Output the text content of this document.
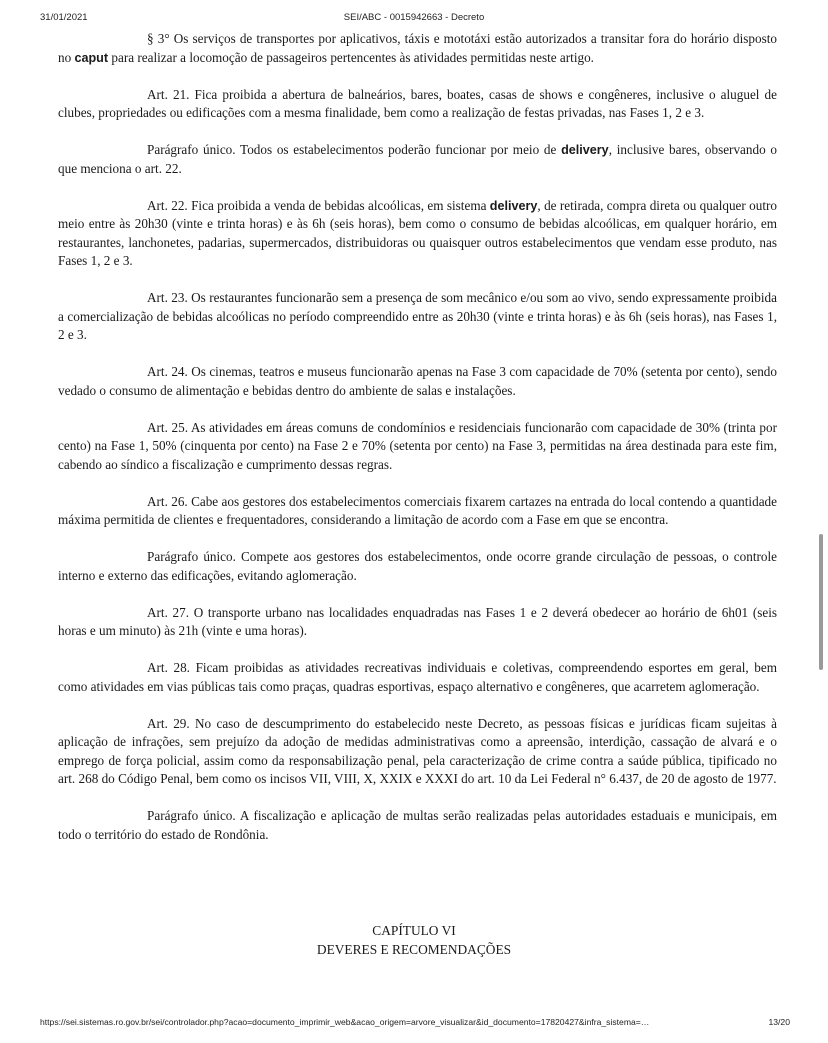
31/01/2021	SEI/ABC - 0015942663 - Decreto

§ 3° Os serviços de transportes por aplicativos, táxis e mototáxi estão autorizados a transitar fora do horário disposto no caput para realizar a locomoção de passageiros pertencentes às atividades permitidas neste artigo.

Art. 21. Fica proibida a abertura de balneários, bares, boates, casas de shows e congêneres, inclusive o aluguel de clubes, propriedades ou edificações com a mesma finalidade, bem como a realização de festas privadas, nas Fases 1, 2 e 3.

Parágrafo único. Todos os estabelecimentos poderão funcionar por meio de delivery, inclusive bares, observando o que menciona o art. 22.

Art. 22. Fica proibida a venda de bebidas alcoólicas, em sistema delivery, de retirada, compra direta ou qualquer outro meio entre às 20h30 (vinte e trinta horas) e às 6h (seis horas), bem como o consumo de bebidas alcoólicas, em qualquer horário, em restaurantes, lanchonetes, padarias, supermercados, distribuidoras ou quaisquer outros estabelecimentos que vendam esse produto, nas Fases 1, 2 e 3.

Art. 23. Os restaurantes funcionarão sem a presença de som mecânico e/ou som ao vivo, sendo expressamente proibida a comercialização de bebidas alcoólicas no período compreendido entre as 20h30 (vinte e trinta horas) e às 6h (seis horas), nas Fases 1, 2 e 3.

Art. 24. Os cinemas, teatros e museus funcionarão apenas na Fase 3 com capacidade de 70% (setenta por cento), sendo vedado o consumo de alimentação e bebidas dentro do ambiente de salas e instalações.

Art. 25. As atividades em áreas comuns de condomínios e residenciais funcionarão com capacidade de 30% (trinta por cento) na Fase 1, 50% (cinquenta por cento) na Fase 2 e 70% (setenta por cento) na Fase 3, permitidas na área destinada para este fim, cabendo ao síndico a fiscalização e cumprimento dessas regras.

Art. 26. Cabe aos gestores dos estabelecimentos comerciais fixarem cartazes na entrada do local contendo a quantidade máxima permitida de clientes e frequentadores, considerando a limitação de acordo com a Fase em que se encontra.

Parágrafo único. Compete aos gestores dos estabelecimentos, onde ocorre grande circulação de pessoas, o controle interno e externo das edificações, evitando aglomeração.

Art. 27. O transporte urbano nas localidades enquadradas nas Fases 1 e 2 deverá obedecer ao horário de 6h01 (seis horas e um minuto) às 21h (vinte e uma horas).

Art. 28. Ficam proibidas as atividades recreativas individuais e coletivas, compreendendo esportes em geral, bem como atividades em vias públicas tais como praças, quadras esportivas, espaço alternativo e congêneres, que acarretem aglomeração.

Art. 29. No caso de descumprimento do estabelecido neste Decreto, as pessoas físicas e jurídicas ficam sujeitas à aplicação de infrações, sem prejuízo da adoção de medidas administrativas como a apreensão, interdição, cassação de alvará e o emprego de força policial, assim como da responsabilização penal, pela caracterização de crime contra a saúde pública, tipificado no art. 268 do Código Penal, bem como os incisos VII, VIII, X, XXIX e XXXI do art. 10 da Lei Federal n° 6.437, de 20 de agosto de 1977.

Parágrafo único. A fiscalização e aplicação de multas serão realizadas pelas autoridades estaduais e municipais, em todo o território do estado de Rondônia.

CAPÍTULO VI
DEVERES E RECOMENDAÇÕES
https://sei.sistemas.ro.gov.br/sei/controlador.php?acao=documento_imprimir_web&acao_origem=arvore_visualizar&id_documento=17820427&infra_sistema=…	13/20
